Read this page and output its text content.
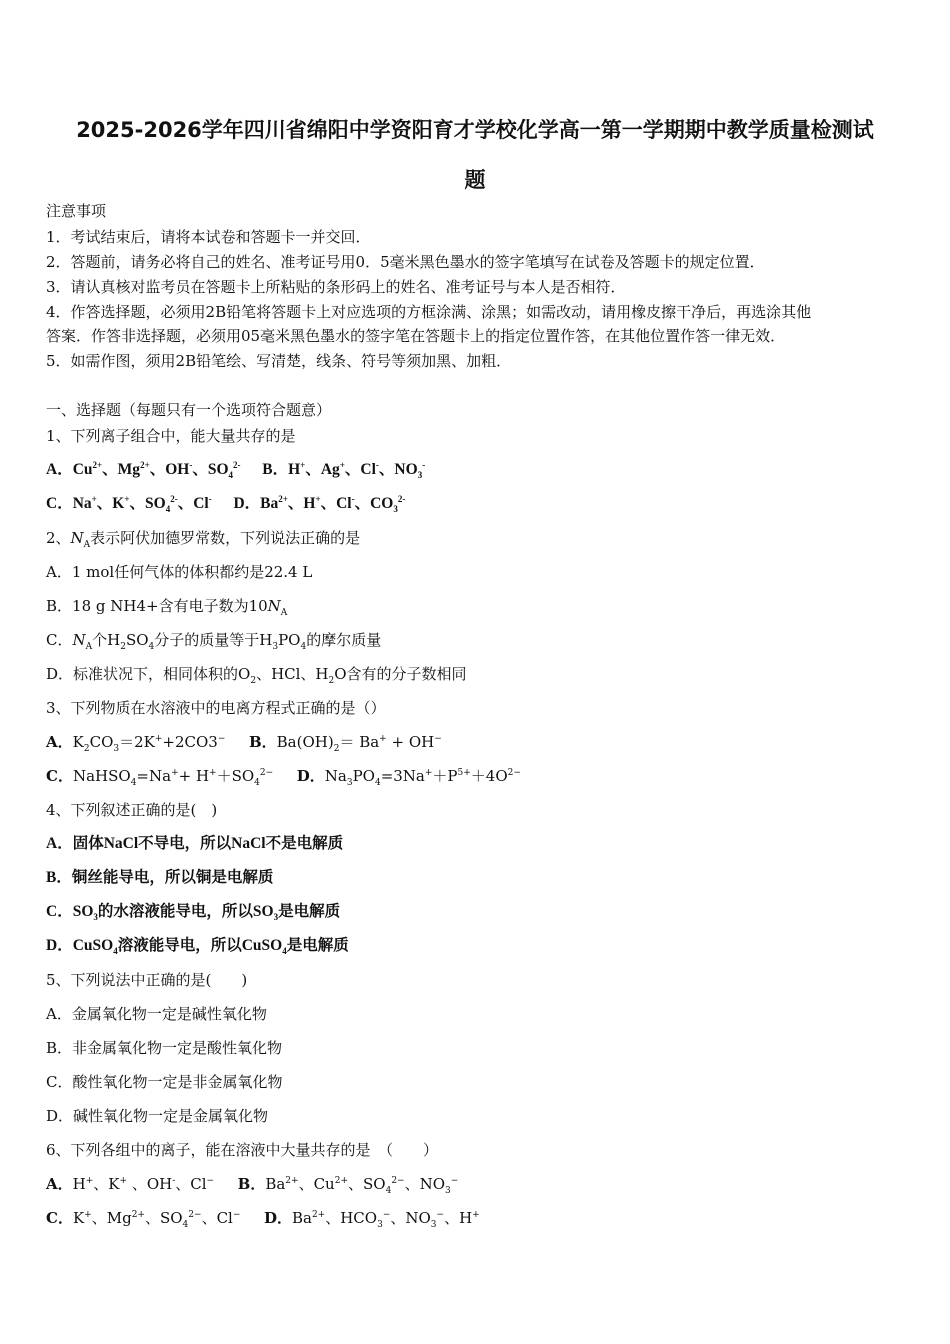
2025-2026学年四川省绵阳中学资阳育才学校化学高一第一学期期中教学质量检测试
题
注意事项
1．考试结束后，请将本试卷和答题卡一并交回．
2．答题前，请务必将自己的姓名、准考证号用0．5毫米黑色墨水的签字笔填写在试卷及答题卡的规定位置．
3．请认真核对监考员在答题卡上所粘贴的条形码上的姓名、准考证号与本人是否相符．
4．作答选择题，必须用2B铅笔将答题卡上对应选项的方框涂满、涂黑；如需改动，请用橡皮擦干净后，再选涂其他
答案．作答非选择题，必须用05毫米黑色墨水的签字笔在答题卡上的指定位置作答，在其他位置作答一律无效．
5．如需作图，须用2B铅笔绘、写清楚，线条、符号等须加黑、加粗．
一、选择题（每题只有一个选项符合题意）
1、下列离子组合中，能大量共存的是
A．$Cu^{2+}$、$Mg^{2+}$、OH-、$SO_4^{2-}$ B．H+、Ag+、Cl-、$NO_3^-$
C．Na+、K+、$SO_4^{2-}$、Cl- D．$Ba^{2+}$、H+、Cl-、$CO_3^{2-}$
2、$N_A$表示阿伏加德罗常数，下列说法正确的是
A．1 mol任何气体的体积都约是22.4 L
B．18 g NH4+含有电子数为$10N_A$
C．$N_A$个$H_2SO_4$分子的质量等于$H_3PO_4$的摩尔质量
D．标准状况下，相同体积的$O_2$、HCl、$H_2O$含有的分子数相同
3、下列物质在水溶液中的电离方程式正确的是（）
A．$K_2CO_3=2K^++2CO3^-$ B．$Ba(OH)_2= Ba^+ + OH^-$
C．NaHSO$_4$=Na++ $H^++SO_4^{2-}$ D．$Na_3PO_4=3Na^++P^{5+}+4O^{2-}$
4、下列叙述正确的是(　)
A．固体NaCl不导电，所以NaCl不是电解质
B．铜丝能导电，所以铜是电解质
C．$SO_3$的水溶液能导电，所以$SO_3$是电解质
D．CuSO$_4$溶液能导电，所以CuSO$_4$是电解质
5、下列说法中正确的是(　　)
A．金属氧化物一定是碱性氧化物
B．非金属氧化物一定是酸性氧化物
C．酸性氧化物一定是非金属氧化物
D．碱性氧化物一定是金属氧化物
6、下列各组中的离子，能在溶液中大量共存的是　（　　）
A．H+、K+ 、OH-、Cl− B．$Ba^{2+}$、$Cu^{2+}$、$SO_4^{2-}$、$NO_3^-$
C．K+、$Mg^{2+}$、$SO_4^{2-}$、Cl− D．$Ba^{2+}$、$HCO_3^-$、$NO_3^-$、H+
